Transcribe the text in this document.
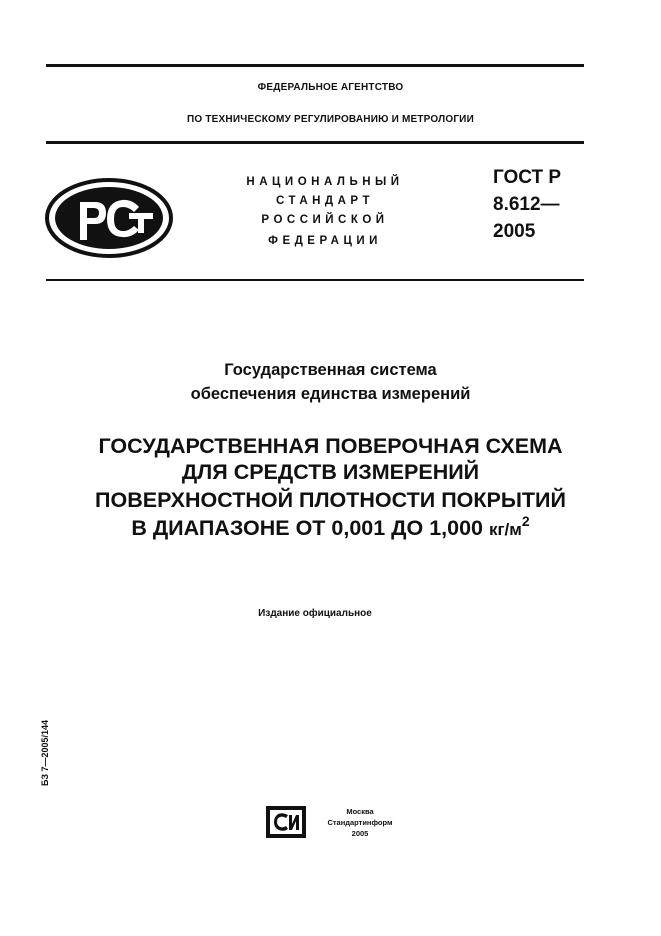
ФЕДЕРАЛЬНОЕ АГЕНТСТВО
ПО ТЕХНИЧЕСКОМУ РЕГУЛИРОВАНИЮ И МЕТРОЛОГИИ
НАЦИОНАЛЬНЫЙ
СТАНДАРТ
РОССИЙСКОЙ
ФЕДЕРАЦИИ
ГОСТ Р
8.612—
2005
Государственная система
обеспечения единства измерений
ГОСУДАРСТВЕННАЯ ПОВЕРОЧНАЯ СХЕМА
ДЛЯ СРЕДСТВ ИЗМЕРЕНИЙ
ПОВЕРХНОСТНОЙ ПЛОТНОСТИ ПОКРЫТИЙ
В ДИАПАЗОНЕ ОТ 0,001 ДО 1,000 $кг/м^2$
Издание официальное
БЗ 7—2005/144
Москва
Стандартинформ
2005
